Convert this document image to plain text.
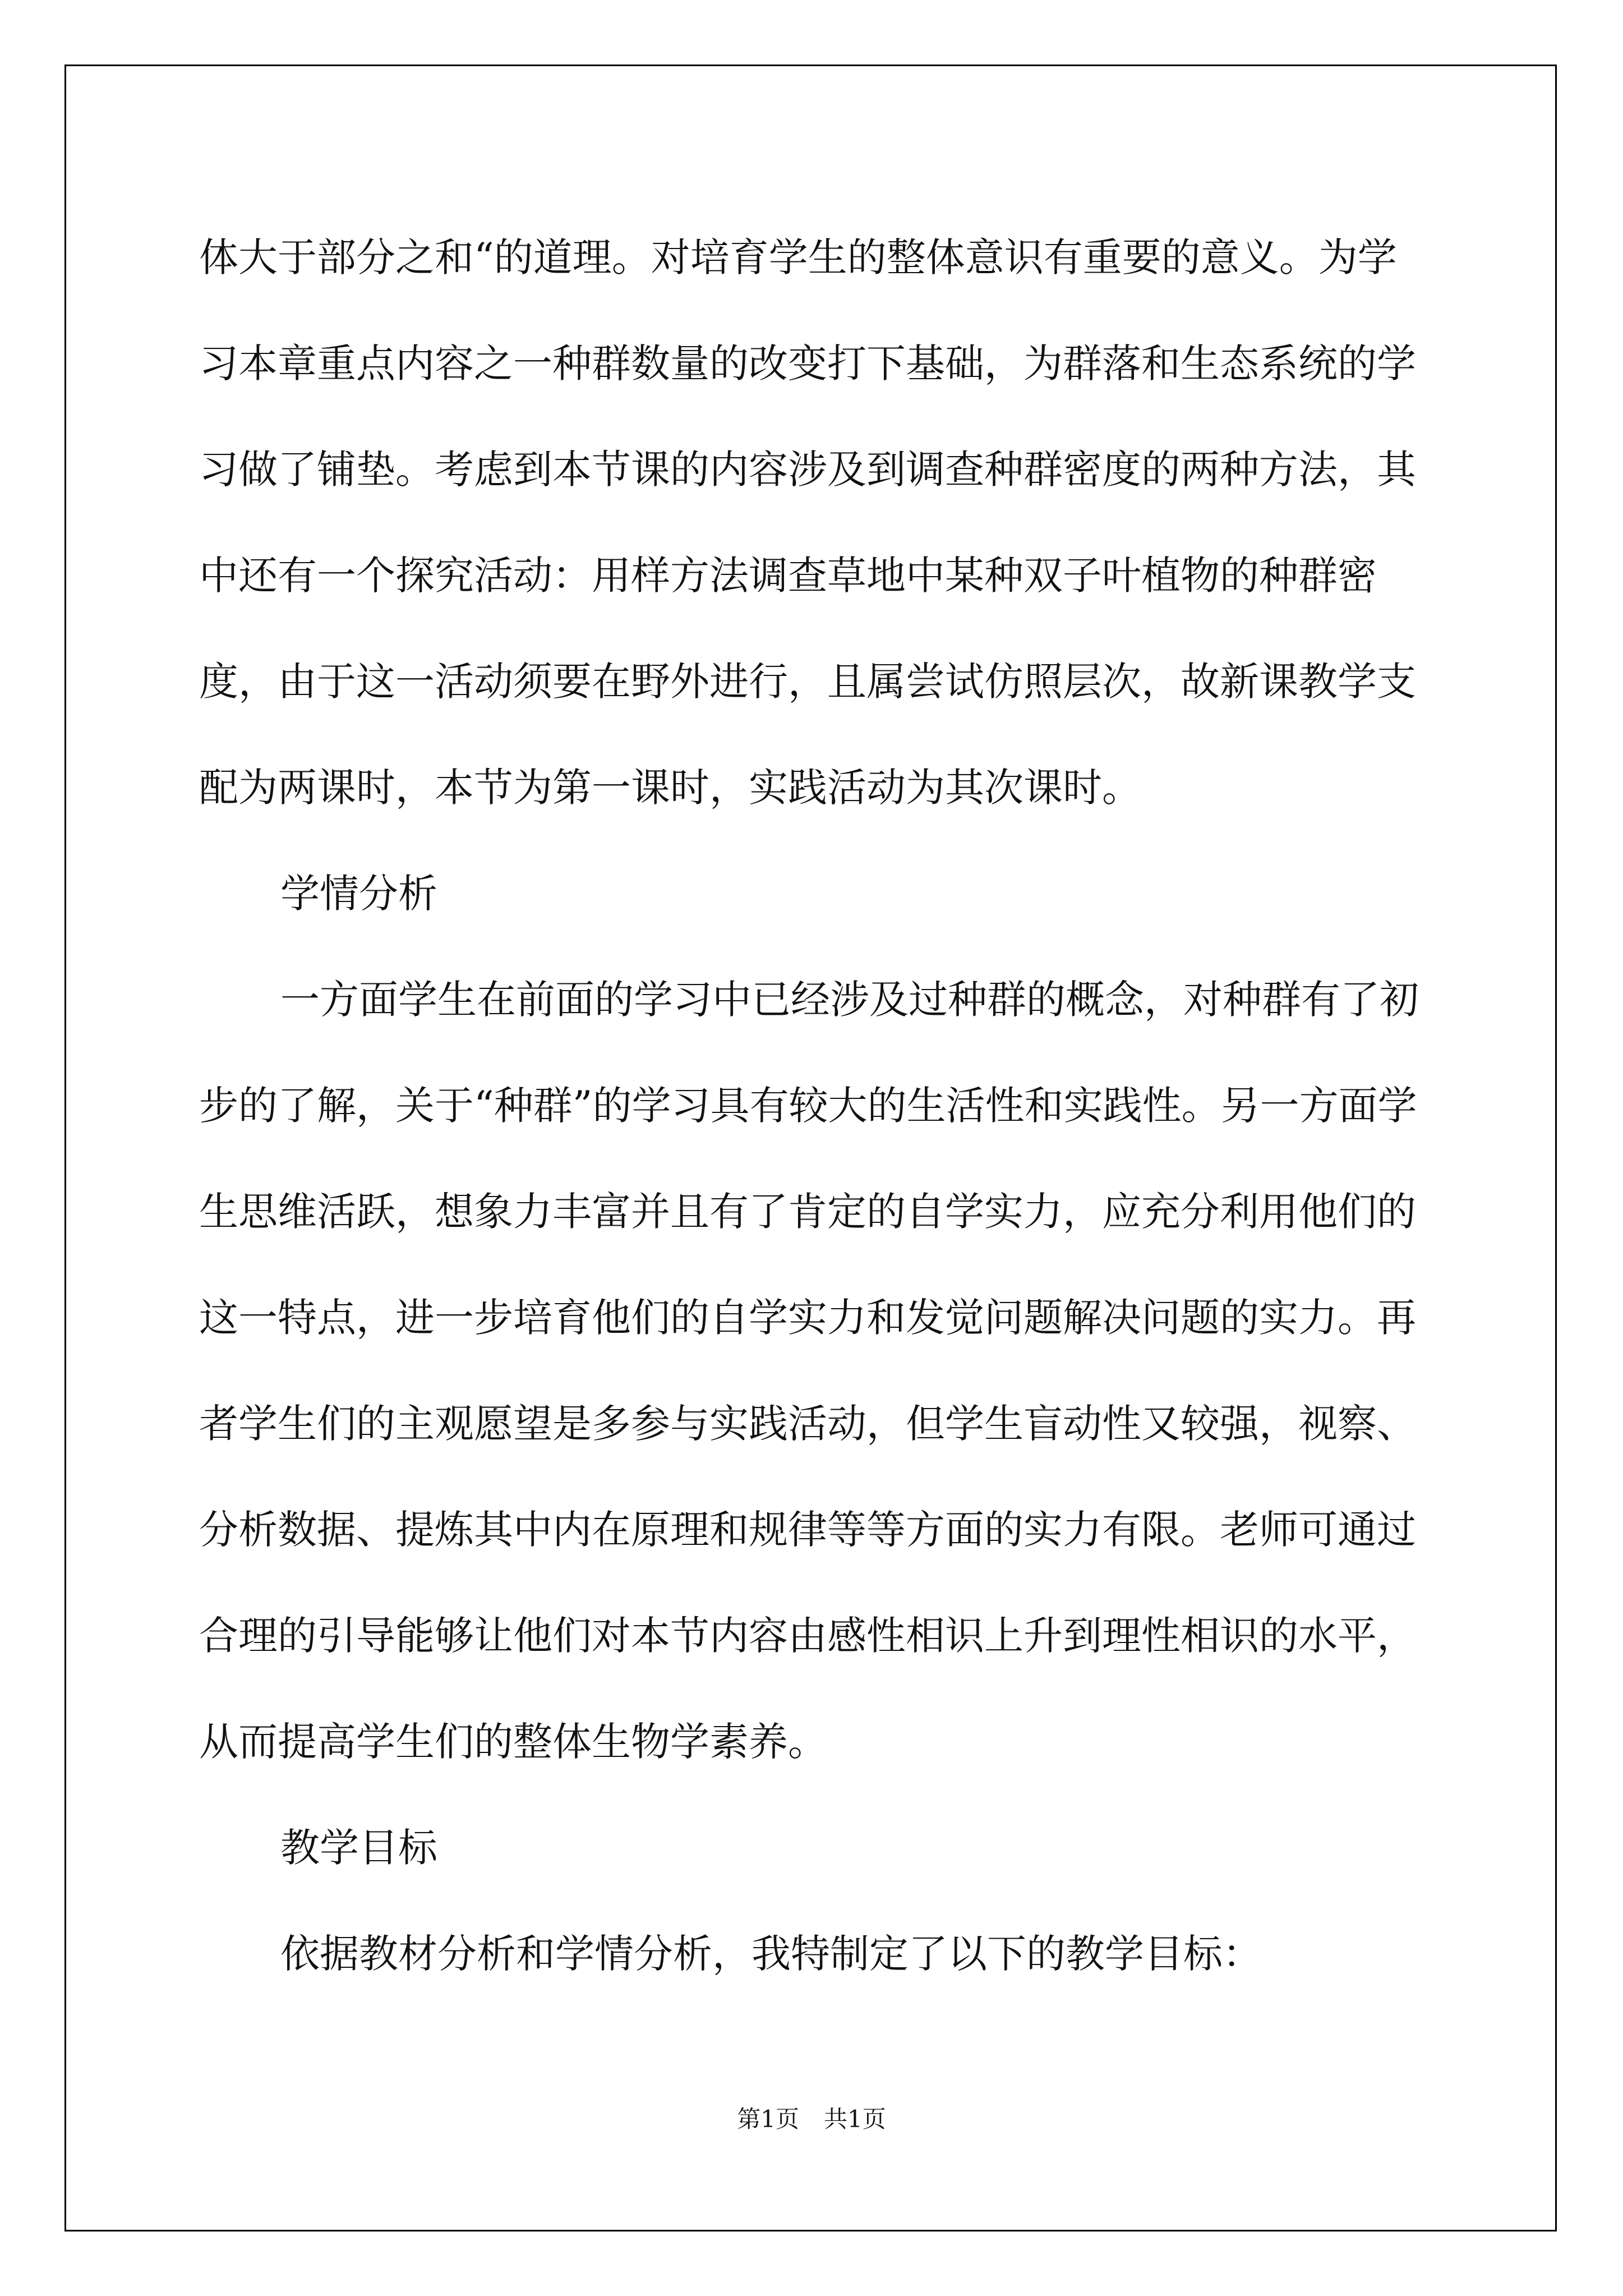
体大于部分之和“的道理。对培育学生的整体意识有重要的意义。为学习本章重点内容之一种群数量的改变打下基础，为群落和生态系统的学习做了铺垫。考虑到本节课的内容涉及到调查种群密度的两种方法，其中还有一个探究活动：用样方法调查草地中某种双子叶植物的种群密度，由于这一活动须要在野外进行，且属尝试仿照层次，故新课教学支配为两课时，本节为第一课时，实践活动为其次课时。

学情分析

一方面学生在前面的学习中已经涉及过种群的概念，对种群有了初步的了解，关于“种群”的学习具有较大的生活性和实践性。另一方面学生思维活跃，想象力丰富并且有了肯定的自学实力，应充分利用他们的这一特点，进一步培育他们的自学实力和发觉问题解决问题的实力。再者学生们的主观愿望是多参与实践活动，但学生盲动性又较强，视察、分析数据、提炼其中内在原理和规律等等方面的实力有限。老师可通过合理的引导能够让他们对本节内容由感性相识上升到理性相识的水平，从而提高学生们的整体生物学素养。

教学目标

依据教材分析和学情分析，我特制定了以下的教学目标：

第1页 共1页
